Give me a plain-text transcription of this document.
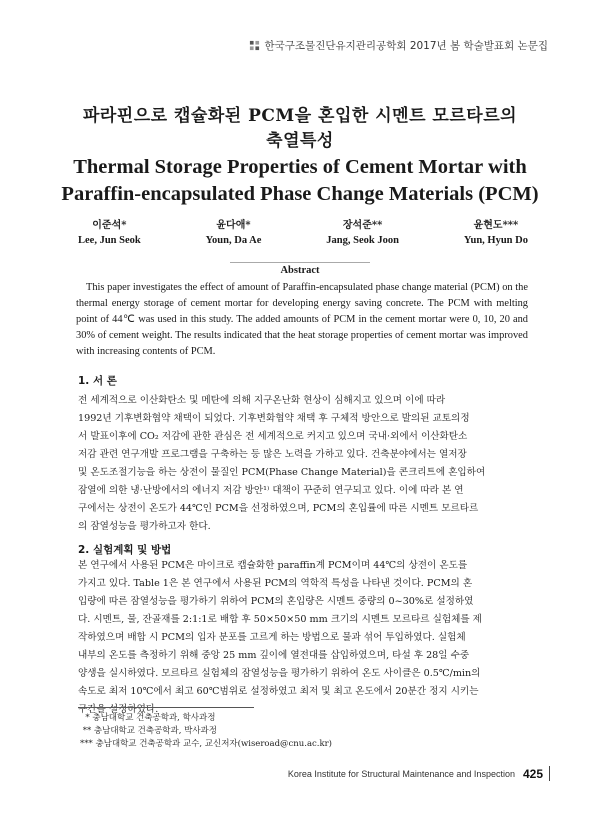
한국구조물진단유지관리공학회 2017년 봄 학술발표회 논문집
파라핀으로 캡슐화된 PCM을 혼입한 시멘트 모르타르의
축열특성
Thermal Storage Properties of Cement Mortar with
Paraffin-encapsulated Phase Change Materials (PCM)
이준석*
Lee, Jun Seok
윤다애*
Youn, Da Ae
장석준**
Jang, Seok Joon
윤현도***
Yun, Hyun Do
Abstract
This paper investigates the effect of amount of Paraffin-encapsulated phase change material (PCM) on the thermal energy storage of cement mortar for developing energy saving concrete. The PCM with melting point of 44℃ was used in this study. The added amounts of PCM in the cement mortar were 0, 10, 20 and 30% of cement weight. The results indicated that the heat storage properties of cement mortar was improved with increasing contents of PCM.
1. 서 론
전 세계적으로 이산화탄소 및 메탄에 의해 지구온난화 현상이 심해지고 있으며 이에 따라
1992년 기후변화협약 채택이 되었다. 기후변화협약 채택 후 구체적 방안으로 발의된 교토의정
서 발표이후에 CO₂ 저감에 관한 관심은 전 세계적으로 커지고 있으며 국내·외에서 이산화탄소
저감 관련 연구개발 프로그램을 구축하는 등 많은 노력을 가하고 있다. 건축분야에서는 열저장
및 온도조절기능을 하는 상전이 물질인 PCM(Phase Change Material)을 콘크리트에 혼입하여
잠열에 의한 냉·난방에서의 에너지 저감 방안¹⁾ 대책이 꾸준히 연구되고 있다. 이에 따라 본 연
구에서는 상전이 온도가 44℃인 PCM을 선정하였으며, PCM의 혼입률에 따른 시멘트 모르타르
의 잠열성능을 평가하고자 한다.
2. 실험계획 및 방법
본 연구에서 사용된 PCM은 마이크로 캡슐화한 paraffin계 PCM이며 44℃의 상전이 온도를
가지고 있다. Table 1은 본 연구에서 사용된 PCM의 역학적 특성을 나타낸 것이다. PCM의 혼
입량에 따른 잠열성능을 평가하기 위하여 PCM의 혼입량은 시멘트 중량의 0~30%로 설정하였
다. 시멘트, 물, 잔골재를 2:1:1로 배합 후 50×50×50 mm 크기의 시멘트 모르타르 실험체를 제
작하였으며 배합 시 PCM의 입자 분포를 고르게 하는 방법으로 물과 섞어 투입하였다. 실험체
내부의 온도를 측정하기 위해 중앙 25 mm 깊이에 열전대를 삽입하였으며, 타설 후 28일 수중
양생을 실시하였다. 모르타르 실험체의 잠열성능을 평가하기 위하여 온도 사이클은 0.5℃/min의
속도로 최저 10℃에서 최고 60℃범위로 설정하였고 최저 및 최고 온도에서 20분간 정지 시키는
구간을 설정하였다.
* 충남대학교 건축공학과, 학사과정
** 충남대학교 건축공학과, 박사과정
*** 충남대학교 건축공학과 교수, 교신저자(wiseroad@cnu.ac.kr)
Korea Institute for Structural Maintenance and Inspection 425
